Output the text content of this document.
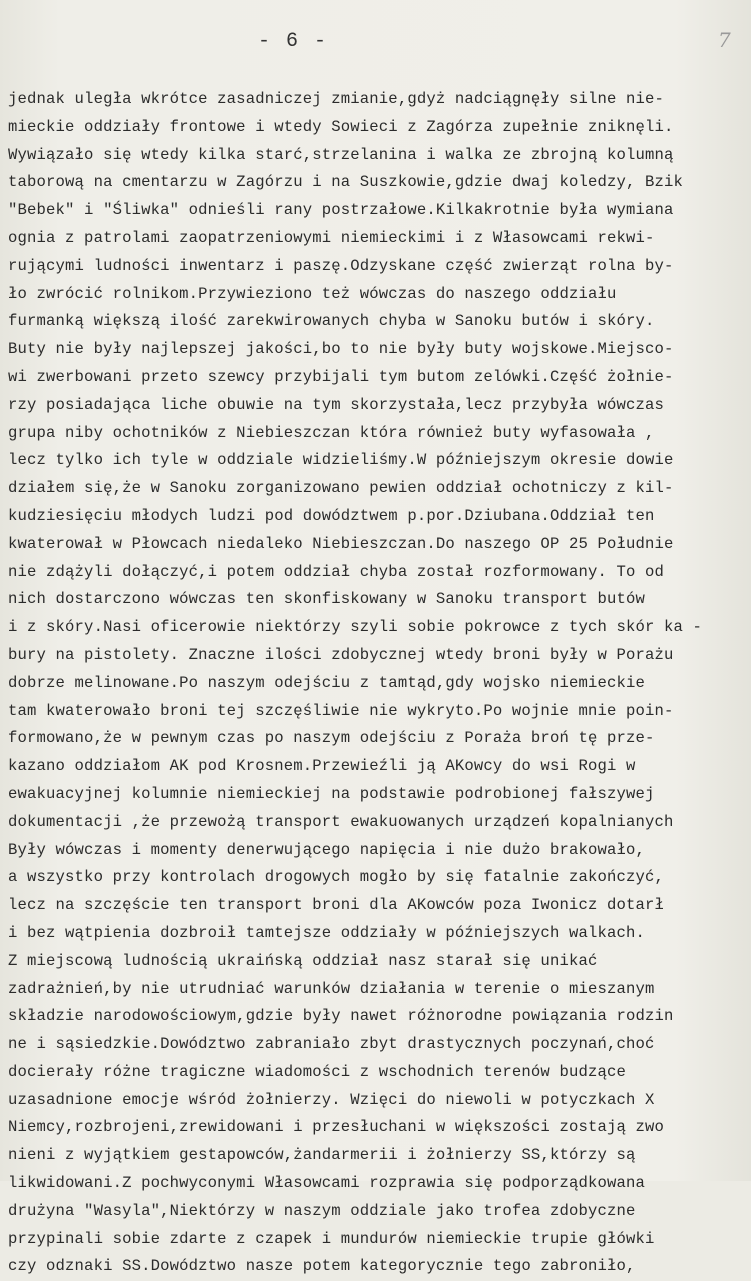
- 6 -	7
jednak uległa wkrótce zasadniczej zmianie,gdyż nadciągnęły silne nie-
mieckie oddziały frontowe i wtedy Sowieci z Zagórza zupełnie zniknęli.
Wywiązało się wtedy kilka starć,strzelanina i walka ze zbrojną kolumną
taborową na cmentarzu w Zagórzu i na Suszkowie,gdzie dwaj koledzy, Bzik
"Bebek" i "Śliwka" odnieśli rany postrzałowe.Kilkakrotnie była wymiana
ognia z patrolami zaopatrzeniowymi niemieckimi i z Własowcami rekwi-
rującymi ludności inwentarz i paszę.Odzyskane część zwierząt rolna by-
ło zwrócić rolnikom.Przywieziono też wówczas do naszego oddziału
furmanką większą ilość zarekwirowanych chyba w Sanoku butów i skóry.
Buty nie były najlepszej jakości,bo to nie były buty wojskowe.Miejsco-
wi zwerbowani przeto szewcy przybijali tym butom zelówki.Część żołnie-
rzy posiadająca liche obuwie na tym skorzystała,lecz przybyła wówczas
grupa niby ochotników z Niebieszczan która również buty wyfasowała ,
lecz tylko ich tyle w oddziale widzieliśmy.W późniejszym okresie dowie
działem się,że w Sanoku zorganizowano pewien oddział ochotniczy z kil-
kudziesięciu młodych ludzi pod dowództwem p.por.Dziubana.Oddział ten
kwaterował w Płowcach niedaleko Niebieszczan.Do naszego OP 25 Południe
nie zdążyli dołączyć,i potem oddział chyba został rozformowany. To od
nich dostarczono wówczas ten skonfiskowany w Sanoku transport butów
i z skóry.Nasi oficerowie niektórzy szyli sobie pokrowce z tych skór ka -
bury na pistolety. Znaczne ilości zdobycznej wtedy broni były w Porażu
dobrze melinowane.Po naszym odejściu z tamtąd,gdy wojsko niemieckie
tam kwaterowało broni tej szczęśliwie nie wykryto.Po wojnie mnie poin-
formowano,że w pewnym czas po naszym odejściu z Poraża broń tę prze-
kazano oddziałom AK pod Krosnem.Przewieźli ją AKowcy do wsi Rogi w
ewakuacyjnej kolumnie niemieckiej na podstawie podrobionej fałszywej
dokumentacji ,że przewożą transport ewakuowanych urządzeń kopalnianych
Były wówczas i momenty denerwującego napięcia i nie dużo brakowało,
a wszystko przy kontrolach drogowych mogło by się fatalnie zakończyć,
lecz na szczęście ten transport broni dla AKowców poza Iwonicz dotarł
i bez wątpienia dozbroił tamtejsze oddziały w późniejszych walkach.
Z miejscową ludnością ukraińską oddział nasz starał się unikać
zadrażnień,by nie utrudniać warunków działania w terenie o mieszanym
składzie narodowościowym,gdzie były nawet różnorodne powiązania rodzin
ne i sąsiedzkie.Dowództwo zabraniało zbyt drastycznych poczynań,choć
docierały różne tragiczne wiadomości z wschodnich terenów budzące
uzasadnione emocje wśród żołnierzy. Wzięci do niewoli w potyczkach X
Niemcy,rozbrojeni,zrewidowani i przesłuchani w większości zostają zwo
nieni z wyjątkiem gestapowców,żandarmerii i żołnierzy SS,którzy są
likwidowani.Z pochwyconymi Własowcami rozprawia się podporządkowana
drużyna "Wasyla",Niektórzy w naszym oddziale jako trofea zdobyczne
przypinali sobie zdarte z czapek i mundurów niemieckie trupie główki
czy odznaki SS.Dowództwo nasze potem kategorycznie tego zabroniło,
